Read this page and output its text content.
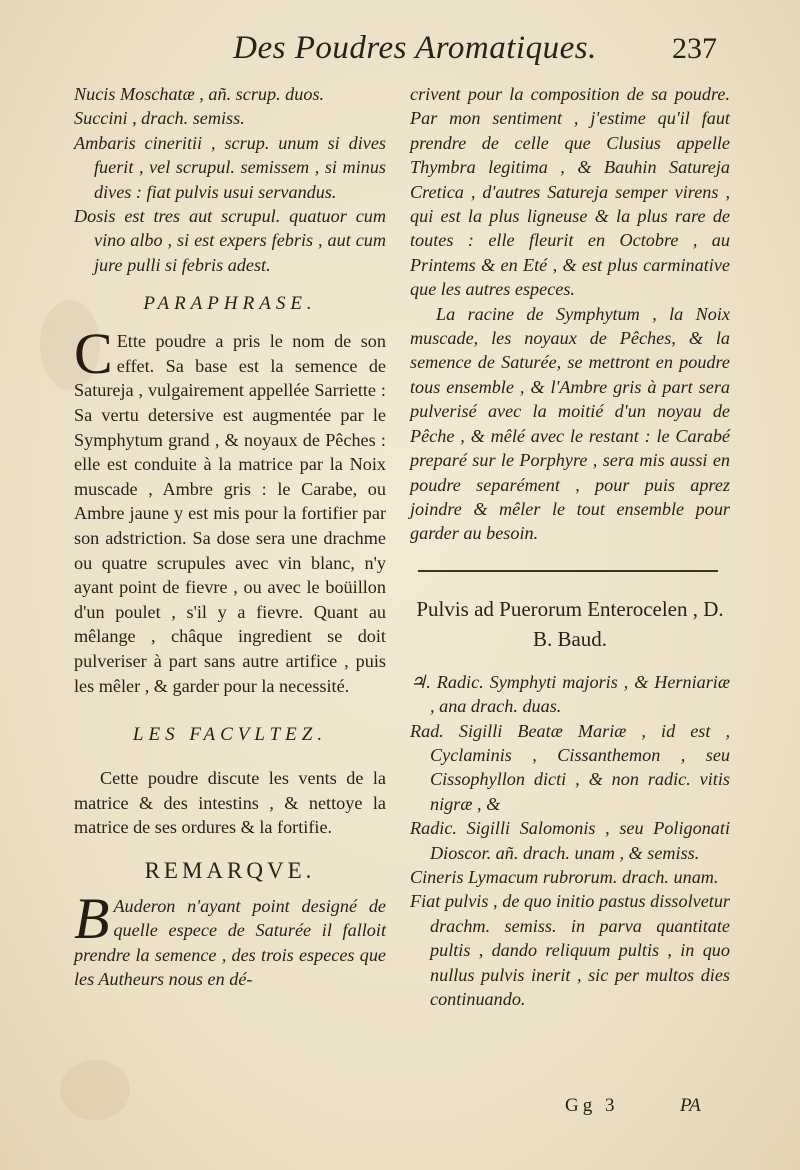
Des Poudres Aromatiques.	237

Nucis Moschatæ , añ. scrup. duos.

Succini , drach. semiss.

Ambaris cineritii , scrup. unum si dives fuerit , vel scrupul. semissem , si minus dives : fiat pulvis usui servandus.

Dosis est tres aut scrupul. quatuor cum vino albo , si est expers febris , aut cum jure pulli si febris adest.

PARAPHRASE.

C Ette poudre a pris le nom de son effet. Sa base est la semence de Satureja , vulgairement appellée Sarriette : Sa vertu detersive est augmentée par le Symphytum grand , & noyaux de Pêches : elle est conduite à la matrice par la Noix muscade , Ambre gris : le Carabe, ou Ambre jaune y est mis pour la fortifier par son adstriction. Sa dose sera une drachme ou quatre scrupules avec vin blanc, n'y ayant point de fievre , ou avec le boüillon d'un poulet , s'il y a fievre. Quant au mêlange , châque ingredient se doit pulveriser à part sans autre artifice , puis les mêler , & garder pour la necessité.

LES FACVLTEZ.

Cette poudre discute les vents de la matrice & des intestins , & nettoye la matrice de ses ordures & la fortifie.

REMARQVE.

B Auderon n'ayant point designé de quelle espece de Saturée il falloit prendre la semence , des trois especes que les Autheurs nous en dé-

crivent pour la composition de sa poudre. Par mon sentiment , j'estime qu'il faut prendre de celle que Clusius appelle Thymbra legitima , & Bauhin Satureja Cretica , d'autres Satureja semper virens , qui est la plus ligneuse & la plus rare de toutes : elle fleurit en Octobre , au Printems & en Eté , & est plus carminative que les autres especes.

La racine de Symphytum , la Noix muscade, les noyaux de Pêches, & la semence de Saturée, se mettront en poudre tous ensemble , & l'Ambre gris à part sera pulverisé avec la moitié d'un noyau de Pêche , & mêlé avec le restant : le Carabé preparé sur le Porphyre , sera mis aussi en poudre separément , pour puis aprez joindre & mêler le tout ensemble pour garder au besoin.

Pulvis ad Puerorum Enterocelen , D. B. Baud.

♃. Radic. Symphyti majoris , & Herniariæ , ana drach. duas.

Rad. Sigilli Beatæ Mariæ , id est , Cyclaminis , Cissanthemon , seu Cissophyllon dicti , & non radic. vitis nigræ , &

Radic. Sigilli Salomonis , seu Poligonati Dioscor. añ. drach. unam , & semiss.

Cineris Lymacum rubrorum. drach. unam.

Fiat pulvis , de quo initio pastus dissolvetur drachm. semiss. in parva quantitate pultis , dando reliquum pultis , in quo nullus pulvis inerit , sic per multos dies continuando.

Gg 3	PA
